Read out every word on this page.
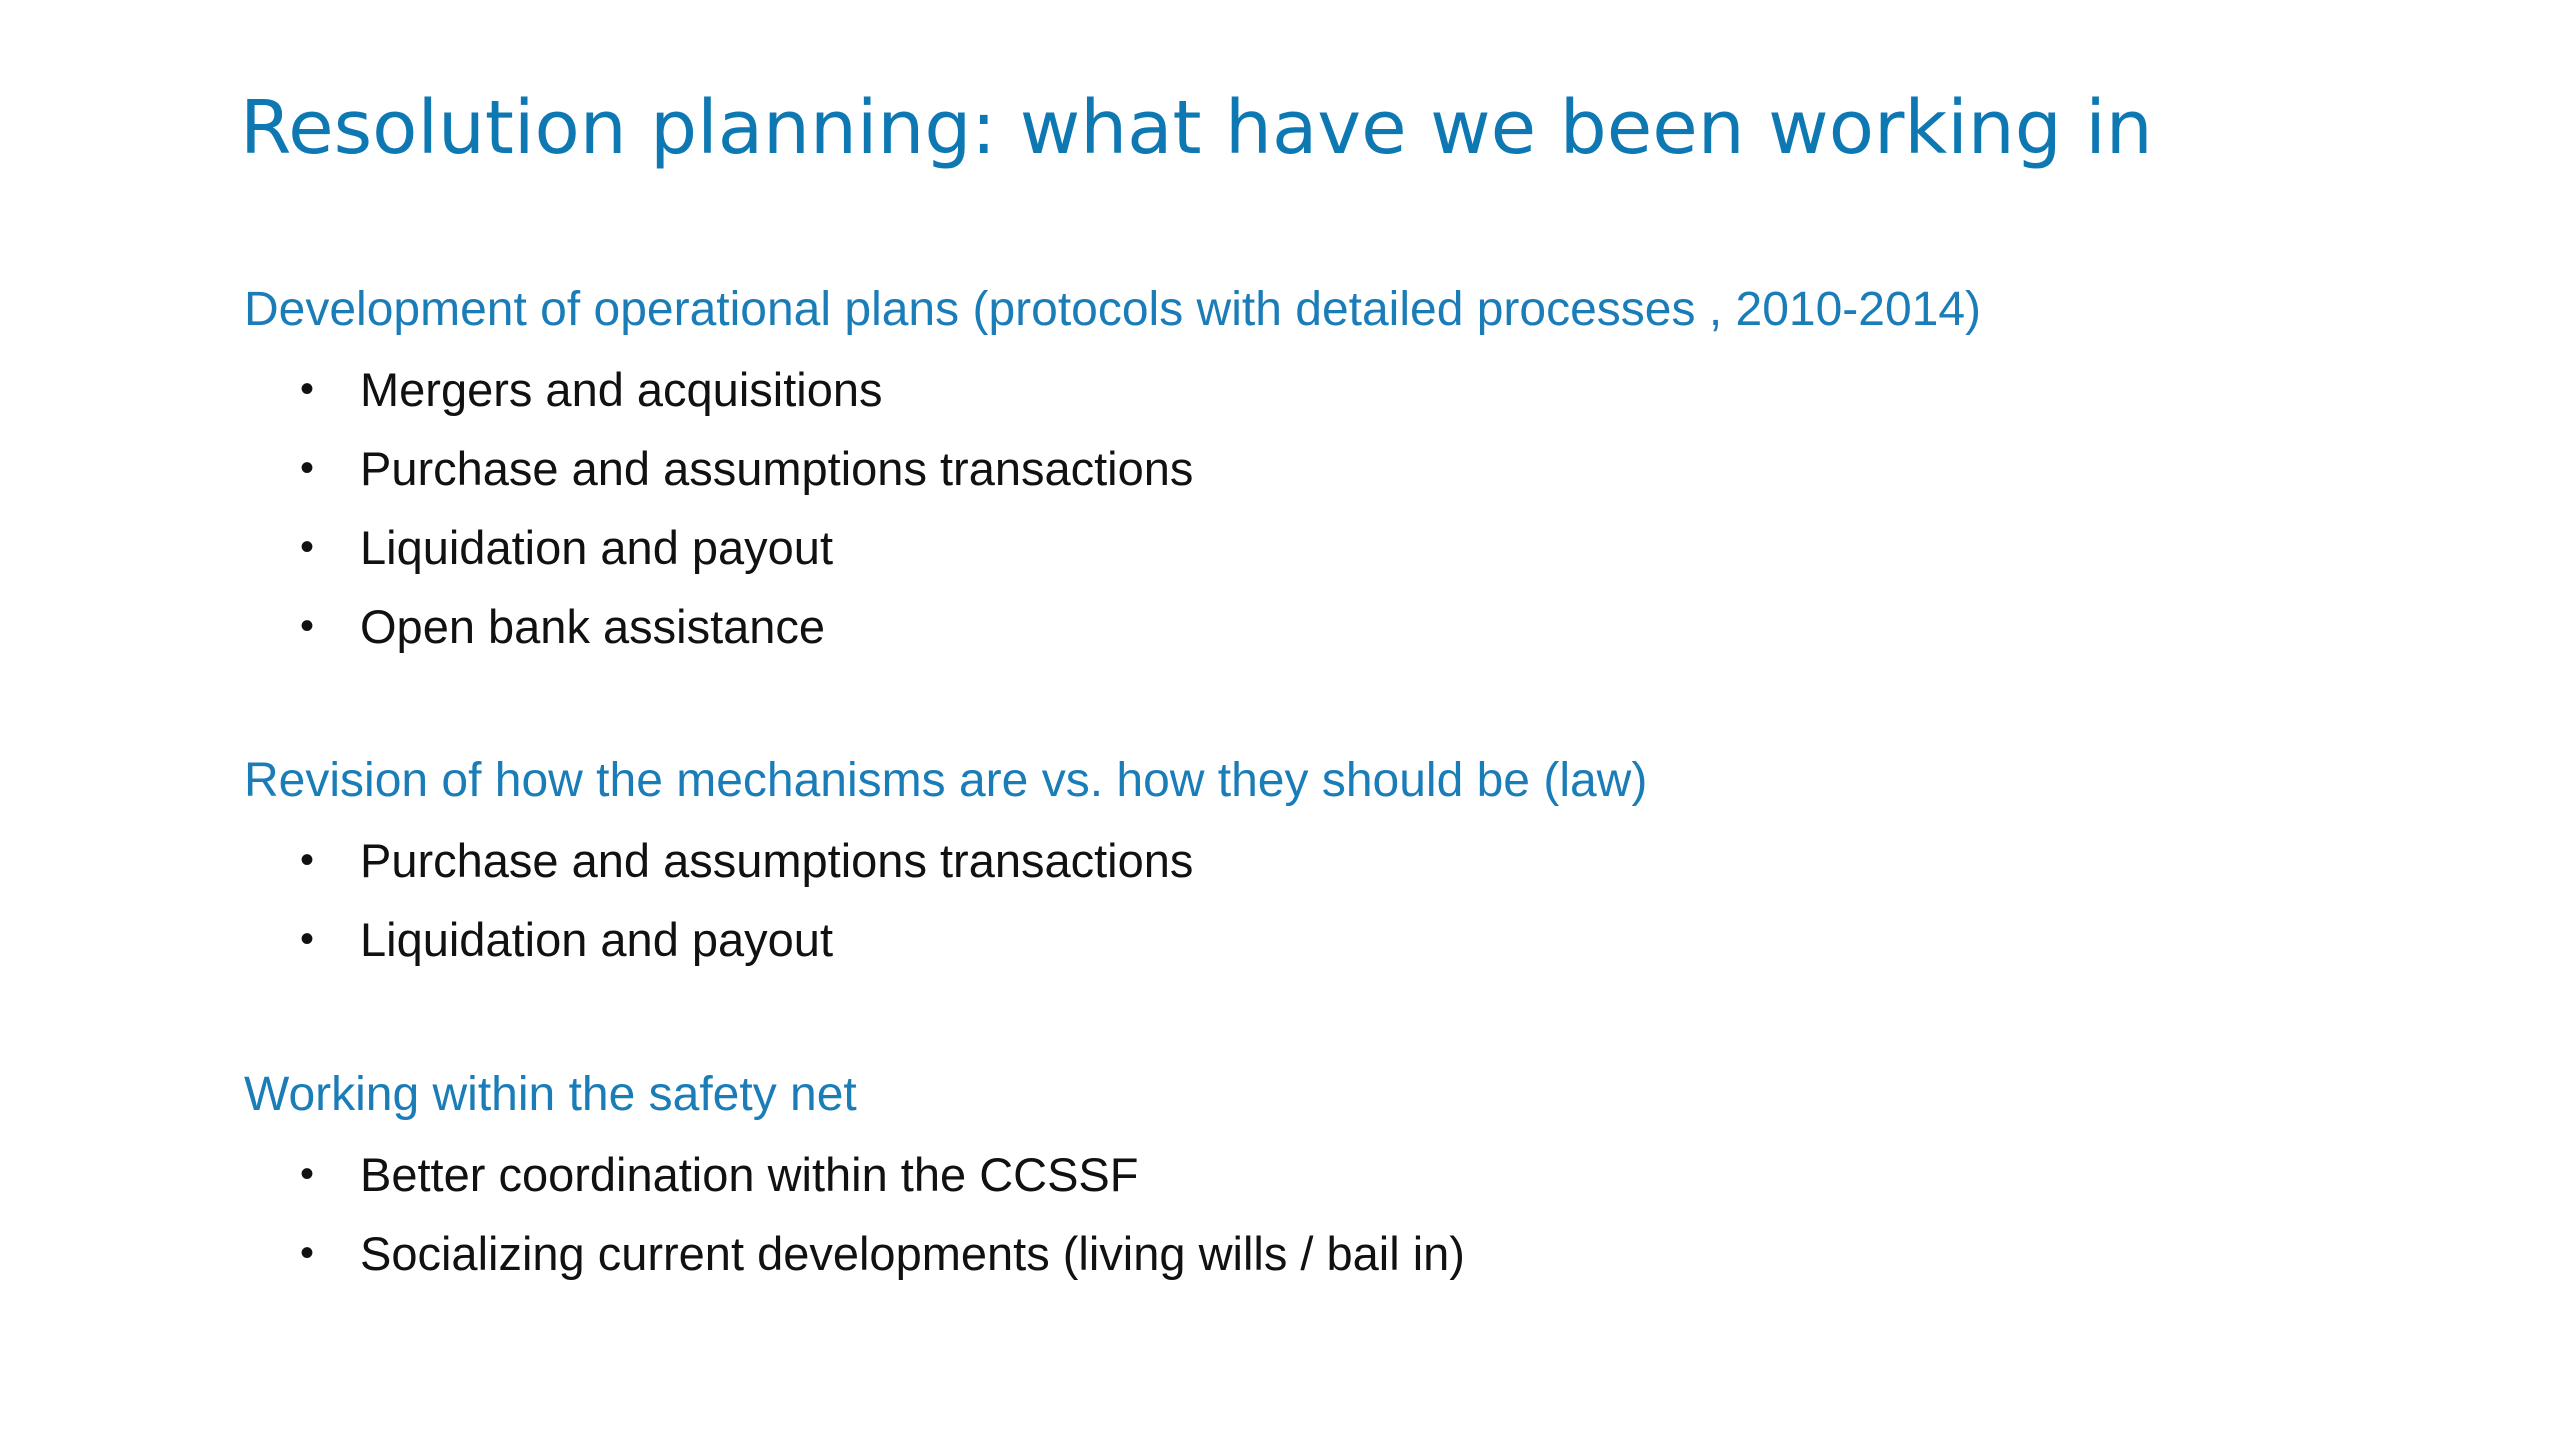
Resolution planning: what have we been working in
Development of operational plans (protocols with detailed processes , 2010-2014)
• Mergers and acquisitions
• Purchase and assumptions transactions
• Liquidation and payout
• Open bank assistance
Revision of how the mechanisms are vs. how they should be (law)
• Purchase and assumptions transactions
• Liquidation and payout
Working within the safety net
• Better coordination within the CCSSF
• Socializing current developments (living wills / bail in)
